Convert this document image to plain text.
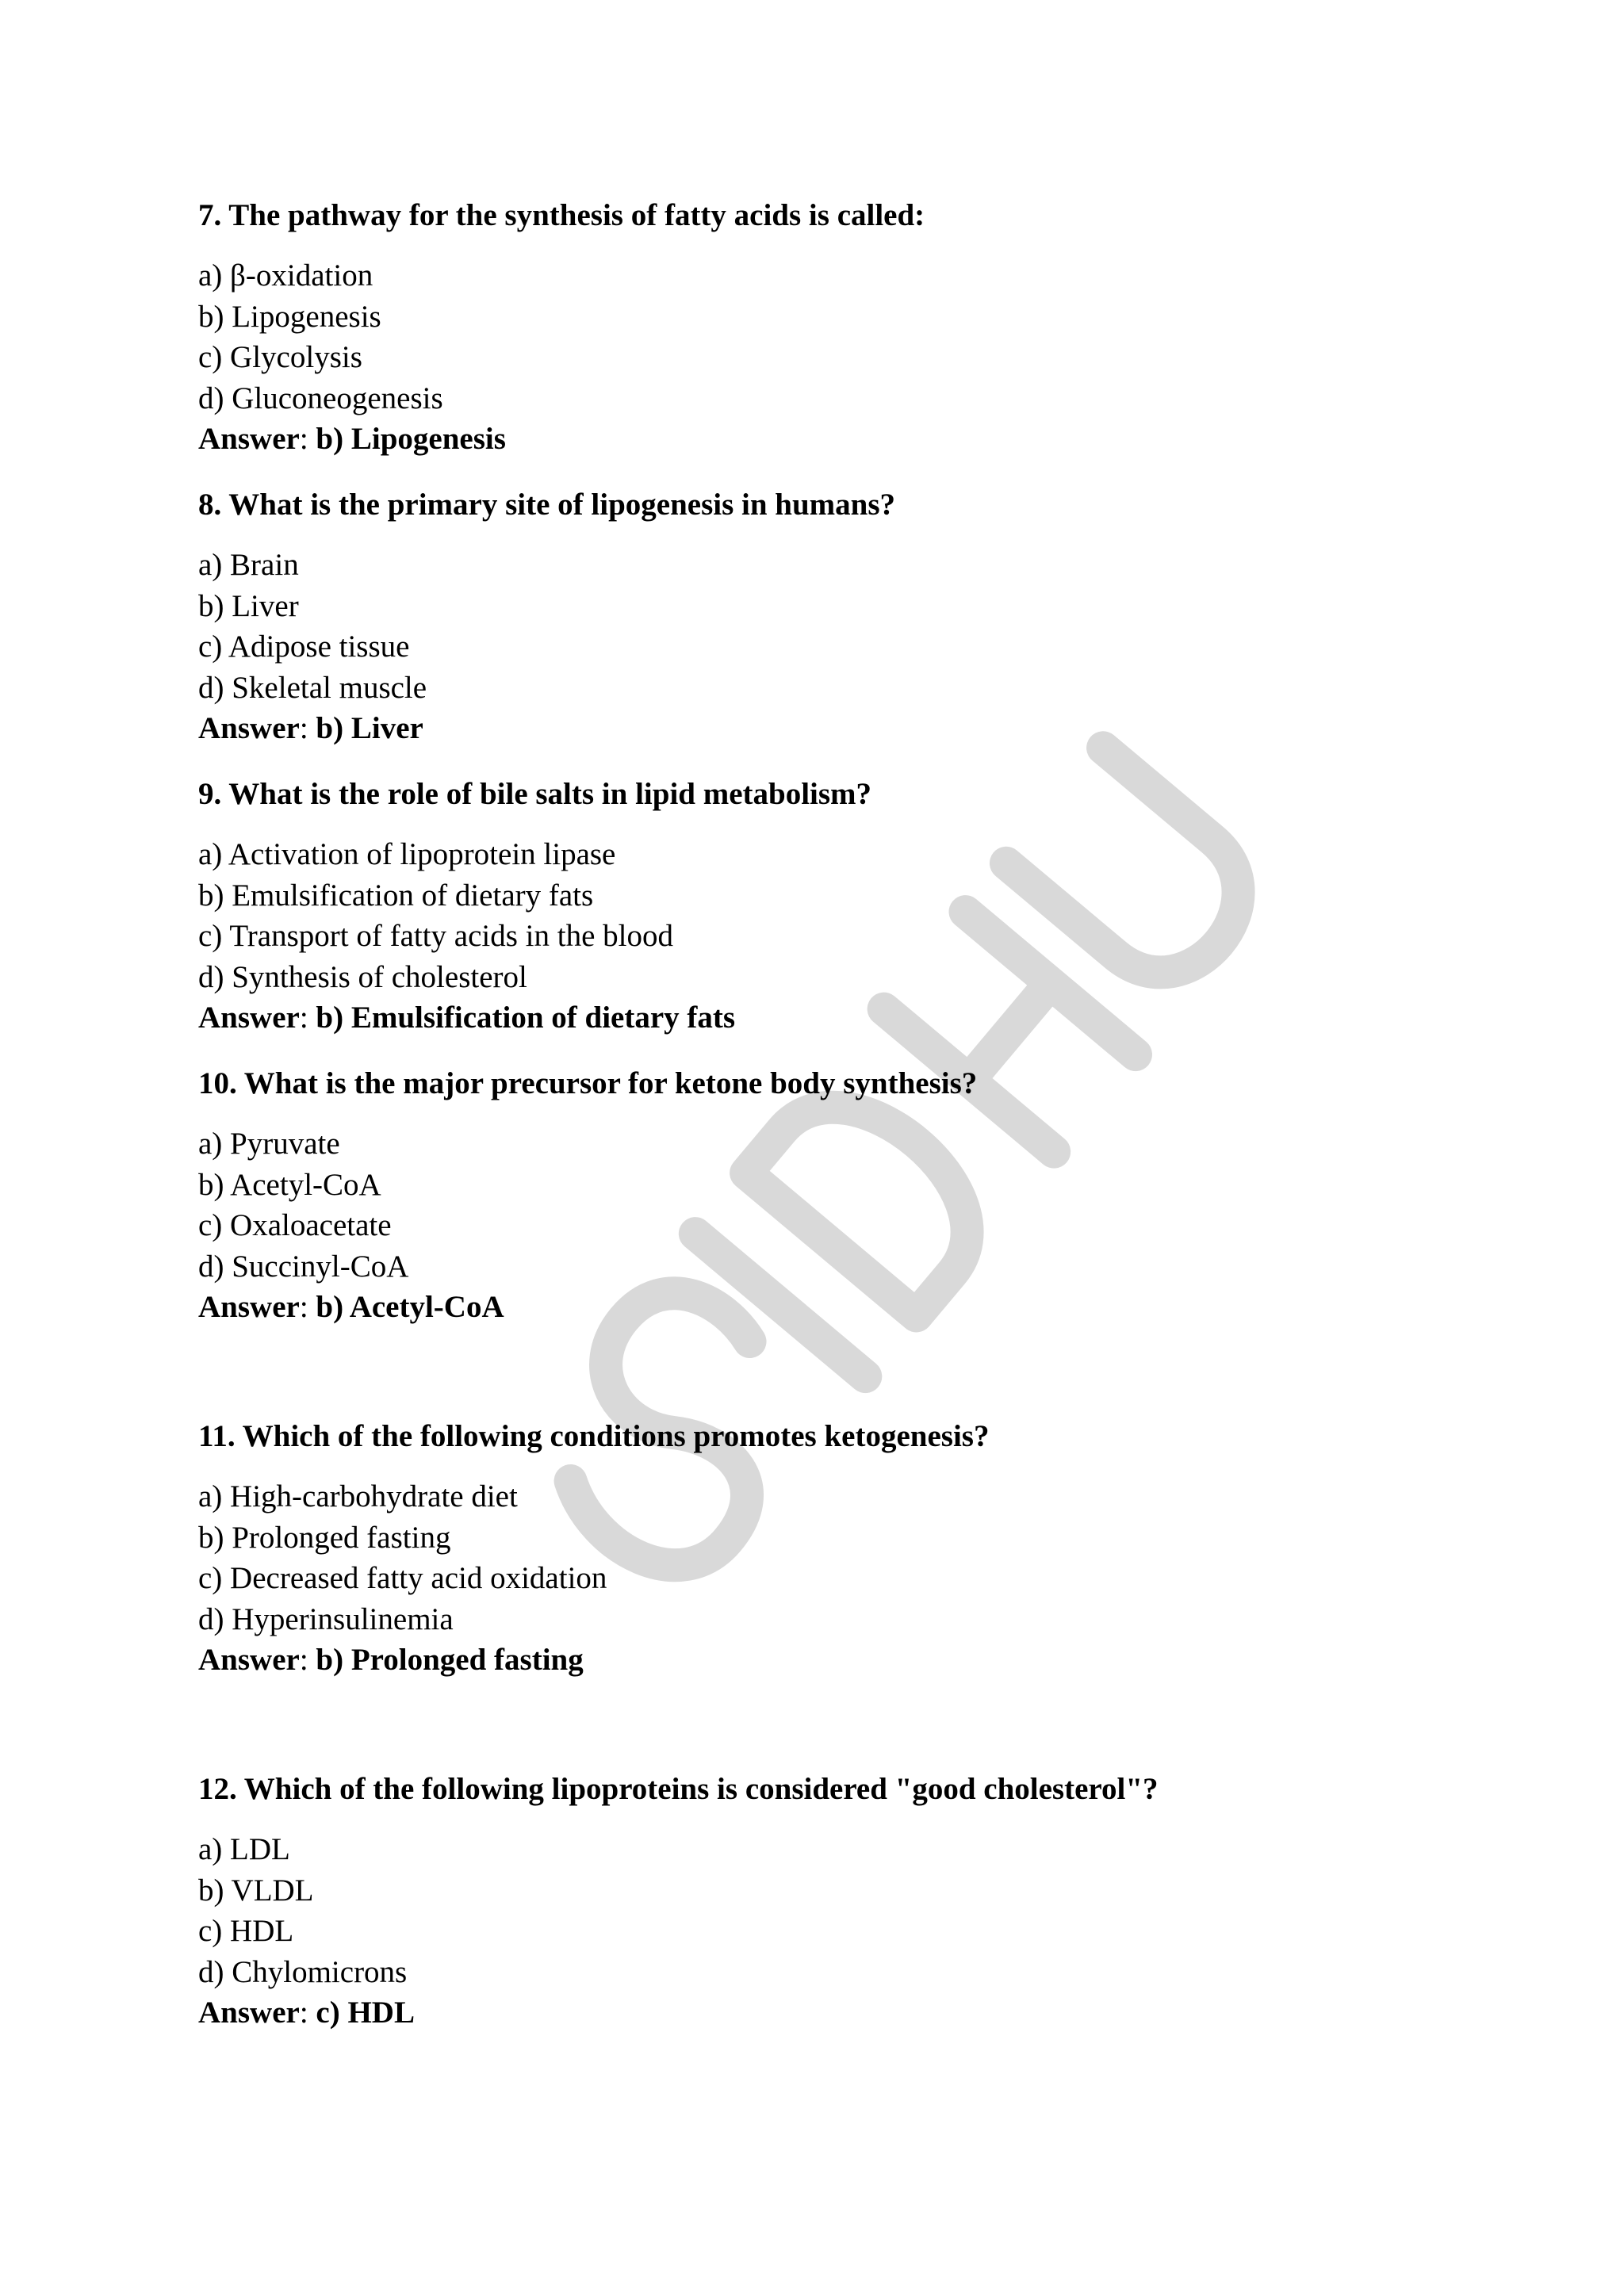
7. The pathway for the synthesis of fatty acids is called:
a) β-oxidation
b) Lipogenesis
c) Glycolysis
d) Gluconeogenesis
Answer: b) Lipogenesis
8. What is the primary site of lipogenesis in humans?
a) Brain
b) Liver
c) Adipose tissue
d) Skeletal muscle
Answer: b) Liver
9. What is the role of bile salts in lipid metabolism?
a) Activation of lipoprotein lipase
b) Emulsification of dietary fats
c) Transport of fatty acids in the blood
d) Synthesis of cholesterol
Answer: b) Emulsification of dietary fats
10. What is the major precursor for ketone body synthesis?
a) Pyruvate
b) Acetyl-CoA
c) Oxaloacetate
d) Succinyl-CoA
Answer: b) Acetyl-CoA
11. Which of the following conditions promotes ketogenesis?
a) High-carbohydrate diet
b) Prolonged fasting
c) Decreased fatty acid oxidation
d) Hyperinsulinemia
Answer: b) Prolonged fasting
12. Which of the following lipoproteins is considered "good cholesterol"?
a) LDL
b) VLDL
c) HDL
d) Chylomicrons
Answer: c) HDL
